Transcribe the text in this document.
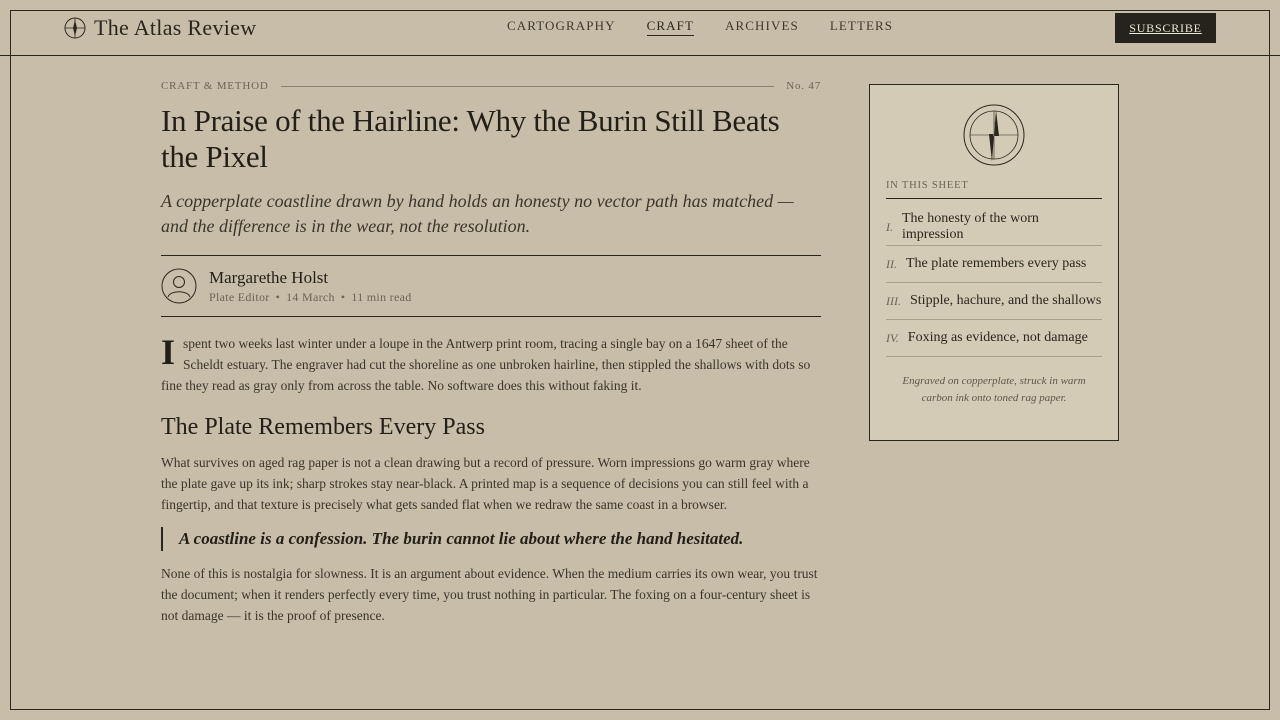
The Atlas Review	CARTOGRAPHY CRAFT ARCHIVES LETTERS	SUBSCRIBE
CRAFT & METHOD	No. 47
In Praise of the Hairline: Why the Burin Still Beats the Pixel

A copperplate coastline drawn by hand holds an honesty no vector path has matched — and the difference is in the wear, not the resolution.

Margarethe Holst
Plate Editor • 14 March • 11 min read

Ispent two weeks last winter under a loupe in the Antwerp print room, tracing a single bay on a 1647 sheet of the Scheldt estuary. The engraver had cut the shoreline as one unbroken hairline, then stippled the shallows with dots so fine they read as gray only from across the table. No software does this without faking it.

The Plate Remembers Every Pass

What survives on aged rag paper is not a clean drawing but a record of pressure. Worn impressions go warm gray where the plate gave up its ink; sharp strokes stay near-black. A printed map is a sequence of decisions you can still feel with a fingertip, and that texture is precisely what gets sanded flat when we redraw the same coast in a browser.

A coastline is a confession. The burin cannot lie about where the hand hesitated.

None of this is nostalgia for slowness. It is an argument about evidence. When the medium carries its own wear, you trust the document; when it renders perfectly every time, you trust nothing in particular. The foxing on a four-century sheet is not damage — it is the proof of presence.

IN THIS SHEET
I.
The honesty of the worn impression
II. The plate remembers every pass
III. Stipple, hachure, and the shallows
IV. Foxing as evidence, not damage

Engraved on copperplate, struck in warm carbon ink onto toned rag paper.
